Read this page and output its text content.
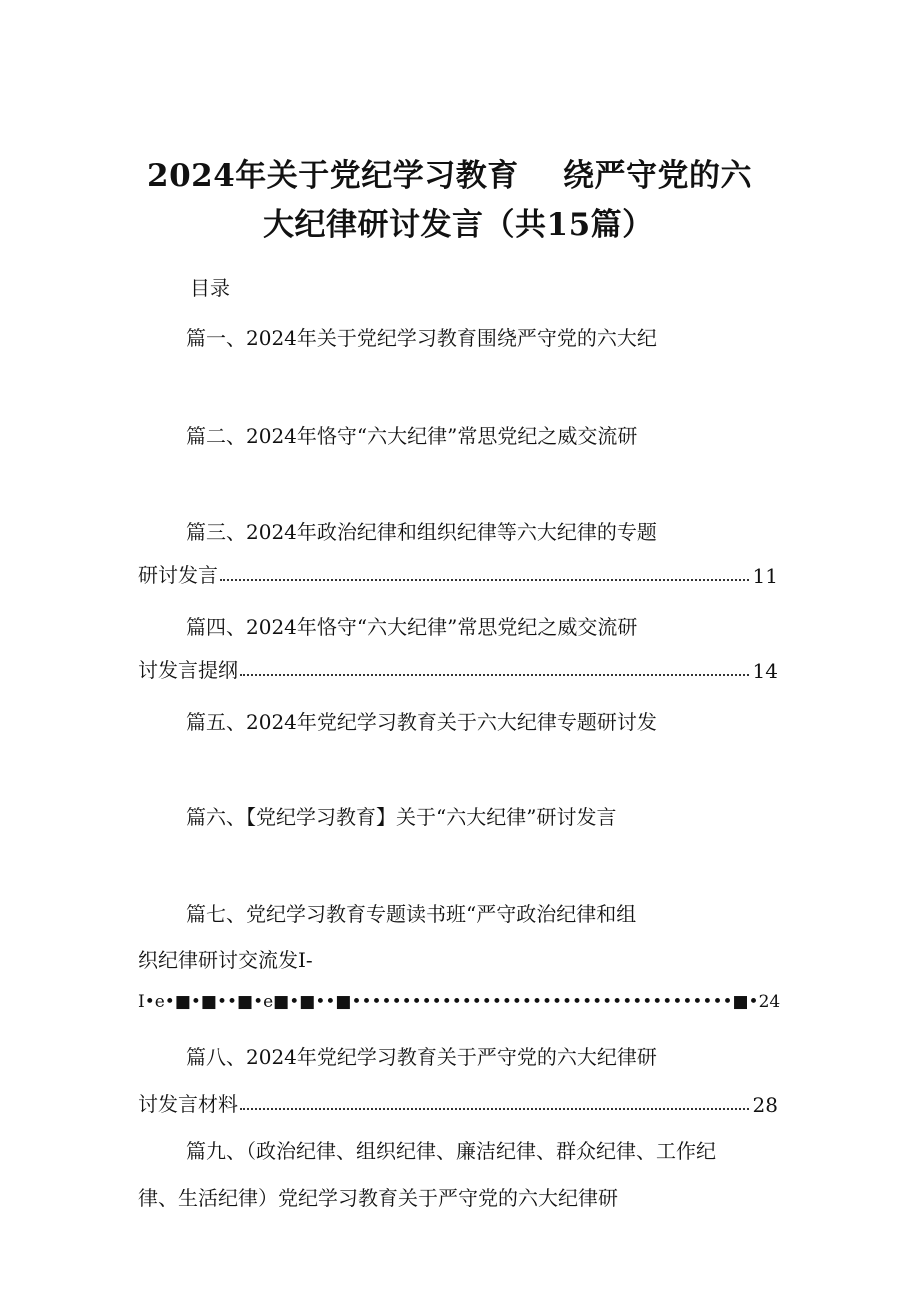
2024年关于党纪学习教育 绕严守党的六
大纪律研讨发言（共15篇）
目录
篇一、2024年关于党纪学习教育围绕严守党的六大纪
篇二、2024年恪守“六大纪律”常思党纪之威交流研
篇三、2024年政治纪律和组织纪律等六大纪律的专题
研讨发言	11
篇四、2024年恪守“六大纪律”常思党纪之威交流研
讨发言提纲	14
篇五、2024年党纪学习教育关于六大纪律专题研讨发
篇六、【党纪学习教育】关于“六大纪律”研讨发言
篇七、党纪学习教育专题读书班“严守政治纪律和组
织纪律研讨交流发I-
I•e•■•■••■•e■•■••■••••••••••••••••••••••••••••••••••••••■•24
篇八、2024年党纪学习教育关于严守党的六大纪律研
讨发言材料	28
篇九、（政治纪律、组织纪律、廉洁纪律、群众纪律、工作纪
律、生活纪律）党纪学习教育关于严守党的六大纪律研
